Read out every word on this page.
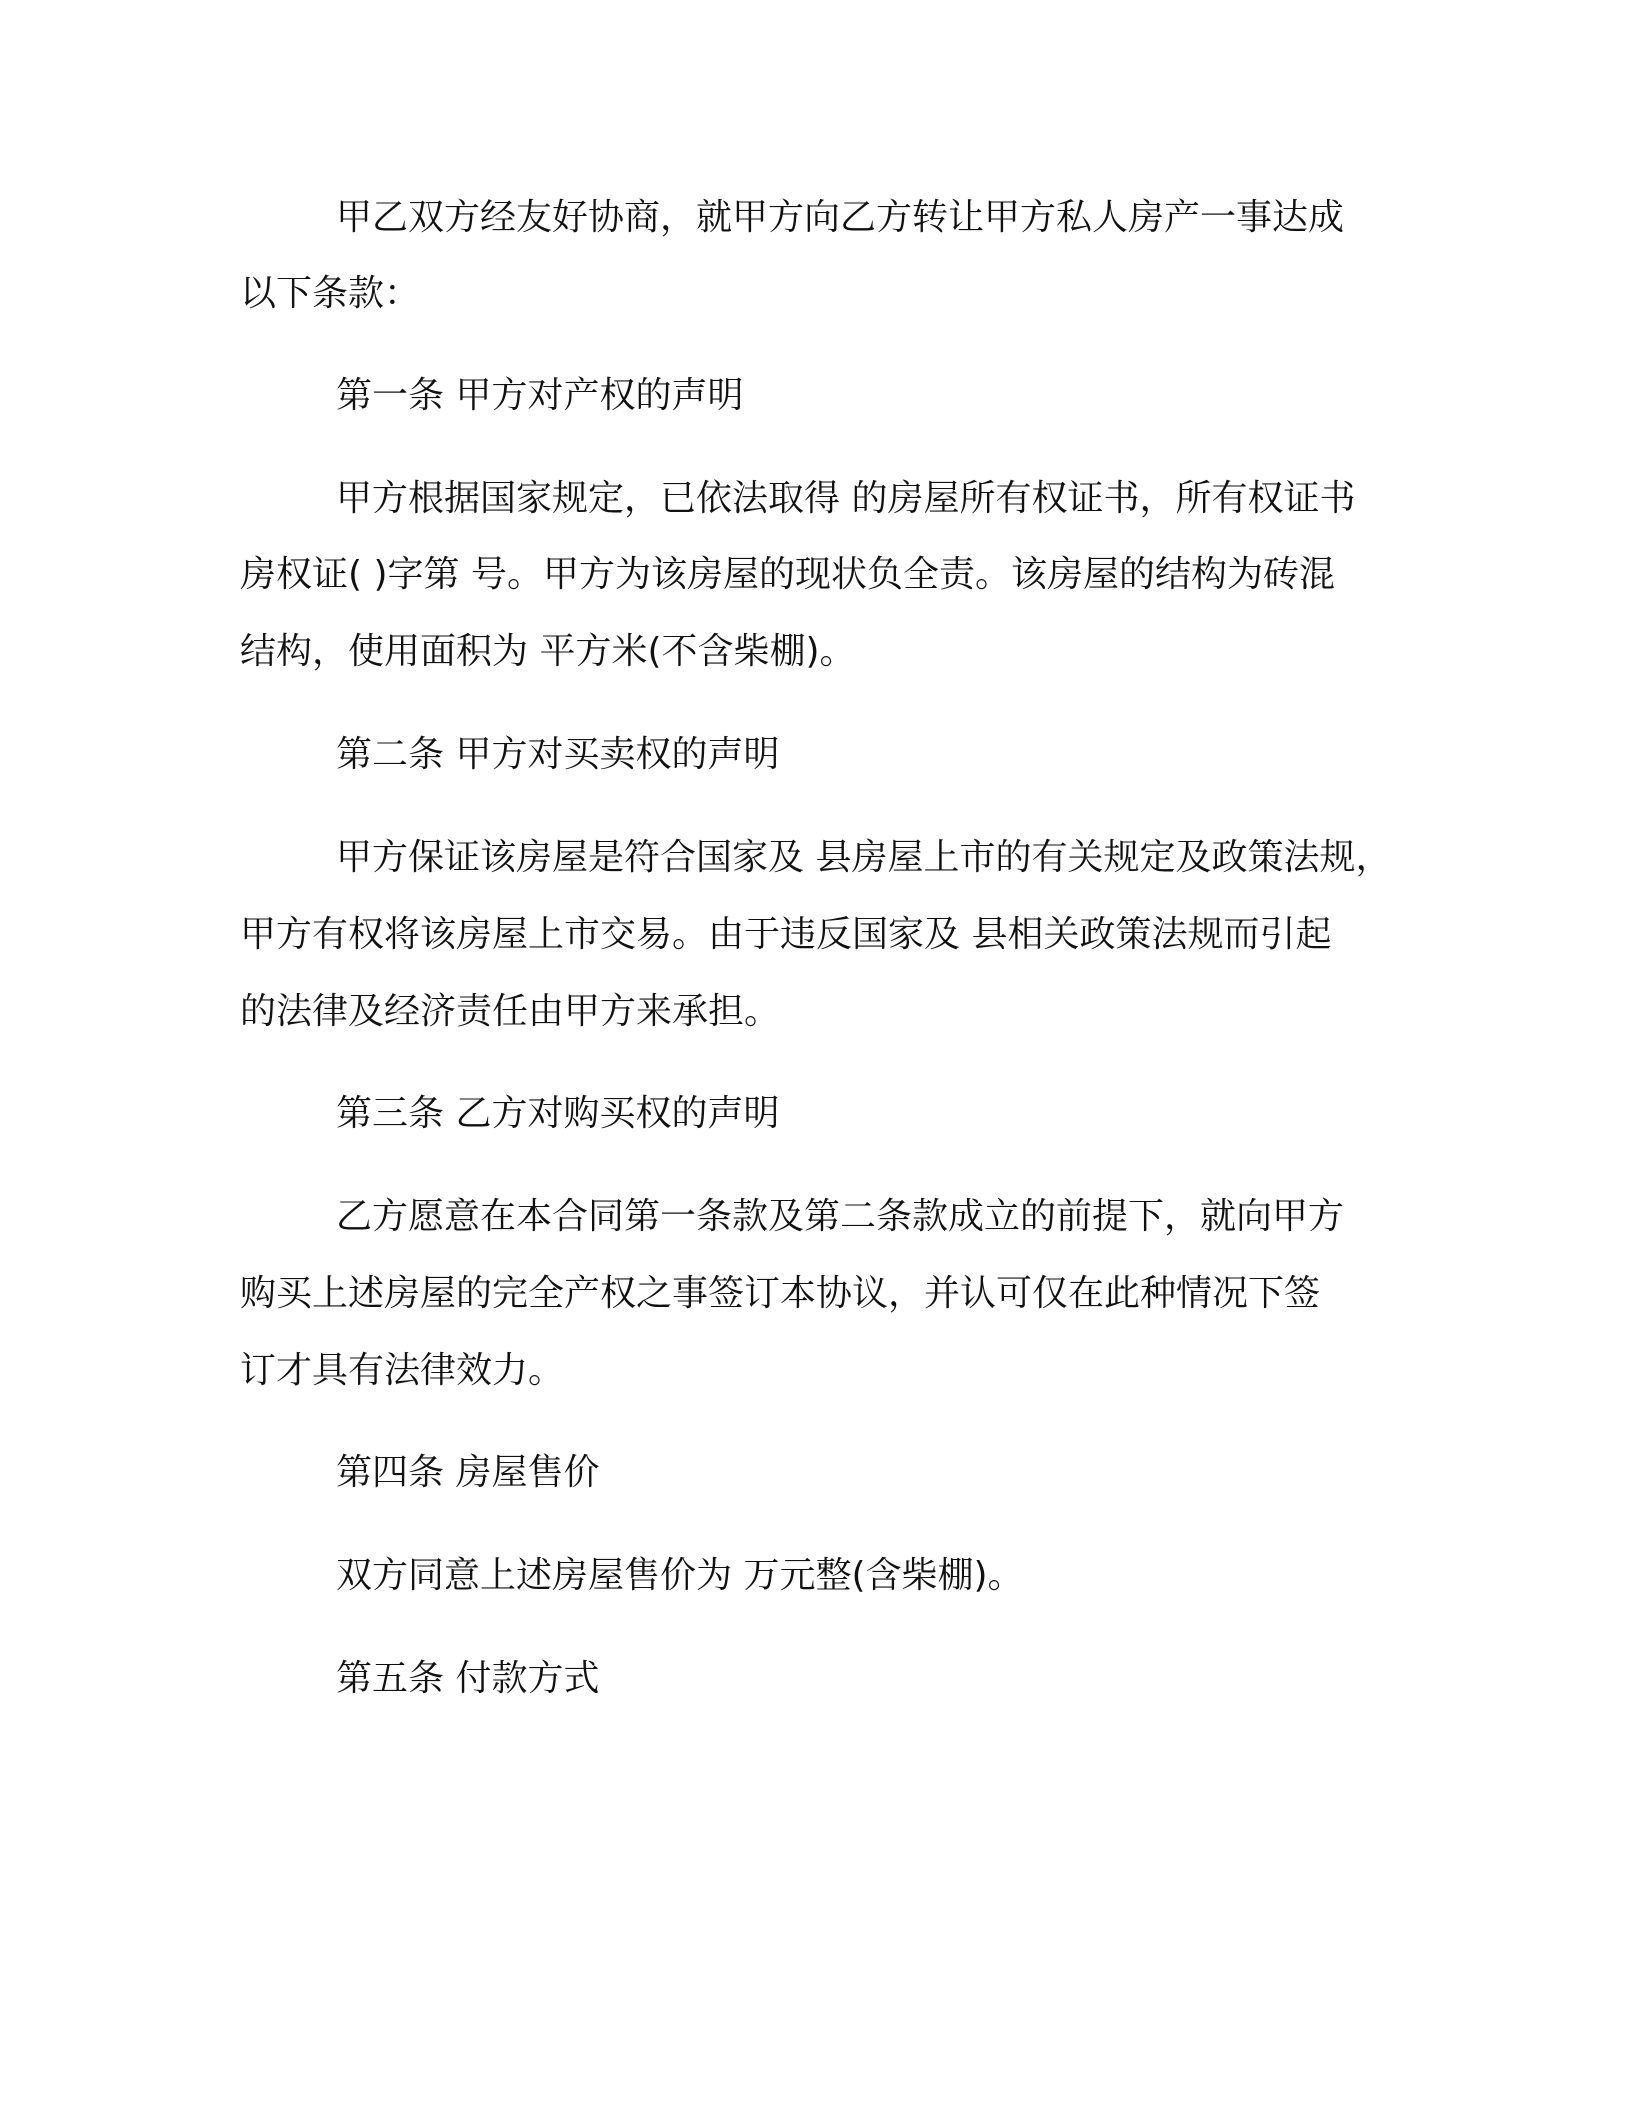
甲乙双方经友好协商，就甲方向乙方转让甲方私人房产一事达成
以下条款：
第一条 甲方对产权的声明
甲方根据国家规定，已依法取得 的房屋所有权证书，所有权证书
房权证( )字第 号。甲方为该房屋的现状负全责。该房屋的结构为砖混
结构，使用面积为 平方米(不含柴棚)。
第二条 甲方对买卖权的声明
甲方保证该房屋是符合国家及 县房屋上市的有关规定及政策法规，
甲方有权将该房屋上市交易。由于违反国家及 县相关政策法规而引起
的法律及经济责任由甲方来承担。
第三条 乙方对购买权的声明
乙方愿意在本合同第一条款及第二条款成立的前提下，就向甲方
购买上述房屋的完全产权之事签订本协议，并认可仅在此种情况下签
订才具有法律效力。
第四条 房屋售价
双方同意上述房屋售价为 万元整(含柴棚)。
第五条 付款方式
